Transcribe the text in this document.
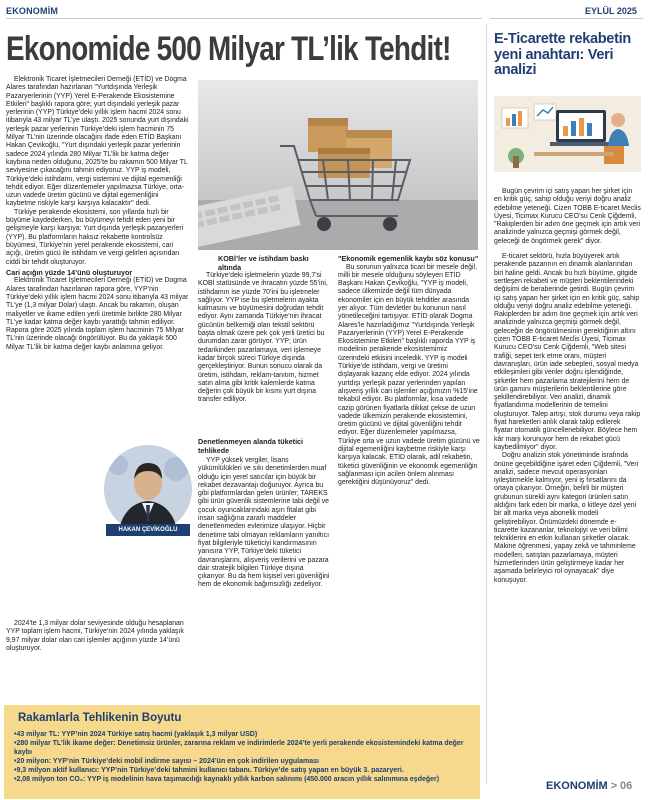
EKONOMİM	EYLÜL 2025
Ekonomide 500 Milyar TL’lik Tehdit!

Elektronik Ticaret İşletmecileri Derneği (ETİD) ve Dogma Alares tarafından hazırlanan "Yurtdışında Yerleşik Pazaryerlerinin (YYP) Yerel E-Perakende Ekosistemine Etkileri" başlıklı rapora göre; yurt dışındaki yerleşik pazar yerlerinin (YYP) Türkiye’deki yıllık işlem hacmi 2024 sonu itibarıyla 43 milyar TL’ye ulaştı. 2025 sonunda yurt dışındaki yerleşik pazar yerlerinin Türkiye’deki işlem hacminin 75 Milyar TL’nin üzerinde olacağını ifade eden ETİD Başkanı Hakan Çevikoğlu, "Yurt dışındaki yerleşik pazar yerlerinin sadece 2024 yılında 280 Milyar TL’lik bir katma değer kaybına neden olduğunu, 2025’te bu rakamın 500 Milyar TL seviyesine çıkacağını tahmin ediyoruz. YYP iş modeli, Türkiye’deki istihdamı, vergi sistemini ve dijital egemenliği tehdit ediyor. Eğer düzenlemeler yapılmazsa Türkiye, orta-uzun vadede üretim gücünü ve dijital egemenliğini kaybetme riskiyle karşı karşıya kalacaktır" dedi.

Türkiye perakende ekosistemi, son yıllarda hızlı bir büyüme kaydederken, bu büyümeyi tehdit eden yeni bir gelişmeyle karşı karşıya: Yurt dışında yerleşik pazaryerleri (YYP). Bu platformların haksız rekabette kontrolsüz büyümesi, Türkiye’nin yerel perakende ekosistemi, cari açığı, üretim gücü ile istihdam ve vergi gelirleri açısından ciddi bir tehdit oluşturuyor.

Cari açığın yüzde 14’ünü oluşturuyor

Elektronik Ticaret İşletmecileri Derneği (ETİD) ve Dogma Alares tarafından hazırlanan rapora göre, YYP’nin Türkiye’deki yıllık işlem hacmi 2024 sonu itibarıyla 43 milyar TL’ye (1,3 milyar Dolar) ulaştı. Ancak bu rakamın, oluşan maliyetler ve ikame edilen yerli üretimle birlikte 280 Milyar TL’ye kadar katma değer kaybı yarattığı tahmin ediliyor. Rapora göre 2025 yılında toplam işlem hacminin 75 Milyar TL’nin üzerinde olacağı öngörülüyor. Bu da yaklaşık 500 Milyar TL’lik bir katma değer kaybı anlamına geliyor.

2024’te 1,3 milyar dolar seviyesinde olduğu hesaplanan YYP toplam işlem hacmi, Türkiye’nin 2024 yılında yaklaşık 9,97 milyar dolar olan cari işlemler açığının yüzde 14’ünü oluşturuyor.

KOBİ’ler ve istihdam baskı altında

Türkiye’deki işletmelerin yüzde 99,7’si KOBİ statüsünde ve ihracatın yüzde 55’ini, istihdamın ise yüzde 70’ini bu işletmeler sağlıyor. YYP ise bu işletmelerin ayakta kalmasını ve büyümesini doğrudan tehdit ediyor. Aynı zamanda Türkiye’nin ihracat gücünün belkemiği olan tekstil sektörü başta olmak üzere pek çok yerli üretici bu durumdan zarar görüyor. YYP; ürün tedarikinden pazarlamaya, veri işlemeye kadar birçok süreci Türkiye dışında gerçekleştiriyor. Bunun sonucu olarak da üretim, istihdam, reklam-tanıtım, hizmet satın alma gibi kritik kalemlerde katma değerin çok büyük bir kısmı yurt dışına transfer ediliyor.

Denetlenmeyen alanda tüketici tehlikede

YYP yüksek vergiler, lisans yükümlülükleri ve sıkı denetimlerden muaf olduğu için yerel satıcılar için büyük bir rekabet dezavantajı doğuruyor. Ayrıca bu gibi platformlardan gelen ürünler; TAREKS gibi ürün güvenlik sistemlerine tabi değil ve çocuk oyuncaklarındaki aşırı fitalat gibi insan sağlığına zararlı maddeler denetlenmeden evlerimize ulaşıyor. Hiçbir denetime tabi olmayan reklamların yanıltıcı fiyat bilgileriyle tüketiciyi kandırmasının yanısıra YYP, Türkiye’deki tüketici davranışlarını, alışveriş verilerini ve pazara dair stratejik bilgileri Türkiye dışına çıkarıyor. Bu da hem kişisel veri güvenliğini hem de ekonomik bağımsızlığı zedeliyor.

HAKAN ÇEVİKOĞLU
"Ekonomik egemenlik kaybı söz konusu"

Bu sorunun yalnızca ticari bir mesele değil, milli bir mesele olduğunu söyleyen ETİD Başkanı Hakan Çevikoğlu, "YYP iş modeli, sadece ülkemizde değil tüm dünyada ekonomiler için en büyük tehditler arasında yer alıyor. Tüm devletler bu konunun nasıl yönetileceğini tartışıyor. ETİD olarak Dogma Alares’le hazırladığımız "Yurtdışında Yerleşik Pazaryerlerinin (YYP) Yerel E-Perakende Ekosistemine Etkileri" başlıklı raporda YYP iş modelinin perakende ekosistemimiz üzerindeki etkisini inceledik. YYP iş modeli Türkiye’de istihdam, vergi ve üretimi dışlayarak kazanç elde ediyor. 2024 yılında yurtdışı yerleşik pazar yerlerinden yapılan alışveriş yıllık cari işlemler açığımızın %15’ine tekabül ediyor. Bu platformlar, kısa vadede cazip görünen fiyatlarla dikkat çekse de uzun vadede ülkemizin perakende ekosistemini, üretim gücünü ve dijital güvenliğini tehdit ediyor. Eğer düzenlemeler yapılmazsa, Türkiye orta ve uzun vadede üretim gücünü ve dijital egemenliğini kaybetme riskiyle karşı karşıya kalacak. ETİD olarak, adil rekabetin, tüketici güvenliğinin ve ekonomik egemenliğin sağlanması için acilen önlem alınması gerektiğini düşünüyoruz" dedi.

E-Ticarette rekabetin yeni anahtarı: Veri analizi

Bugün çevrim içi satış yapan her şirket için en kritik güç, sahip olduğu veriyi doğru analiz edebilme yeteneği. Cizen TOBB E-ticaret Meclis Üyesi, Ticimax Kurucu CEO’su Cenk Çiğdemli, "Rakiplerden bir adım öne geçmek için artık veri analizinde yalnızca geçmişi görmek değil, geleceği de öngörmek gerek" diyor.

E-ticaret sektörü, hızla büyüyerek artık perakende pazarının en dinamik alanlarından biri haline geldi. Ancak bu hızlı büyüme, gitgide sertleşen rekabeti ve müşteri beklentilerindeki değişimi de beraberinde getirdi. Bugün çevrim içi satış yapan her şirket için en kritik güç, sahip olduğu veriyi doğru analiz edebilme yeteneği. Rakiplerden bir adım öne geçmek için artık veri analizinde yalnızca geçmişi görmek değil, geleceğin de öngörülmesinin gerektiğinin altını çizen TOBB E-ticaret Meclis Üyesi, Ticimax Kurucu CEO’su Cenk Çiğdemli, "Web sitesi trafiği, sepet terk etme oranı, müşteri davranışları, ürün iade sebepleri, sosyal medya etkileşimleri gibi veriler doğru işlendiğinde, şirketler hem pazarlama stratejilerini hem de ürün gamını müşterilerin beklentilerine göre şekillendirebiliyor. Veri analizi, dinamik fiyatlandırma modellerinin de temelini oluşturuyor. Talep artışı, stok durumu veya rakip fiyat hareketleri anlık olarak takip edilerek fiyatar otomatik güncellenebiliyor. Böylece hem kâr marjı korunuyor hem de rekabet gücü kaybedilmiyor" diyor.

Doğru analizin stok yönetiminde israfında önüne geçebildiğine işaret eden Çiğdemli, "Veri analizi, sadece mevcut operasyonları iyileştirmekle kalmıyor, yeni iş fırsatlarını da ortaya çıkarıyor. Örneğin, belirli bir müşteri grubunun sürekli aynı kategori ürünleri satın aldığını fark eden bir marka, o kitleye özel yeni bir alt marka veya abonelik modeli geliştirebiliyor. Önümüzdeki dönemde e-ticarette kazananlar, teknolojiyi ve veri bilimi tekniklerini en etkin kullanan şirketler olacak. Makine öğrenmesi, yapay zekâ ve tahminleme modelleri, satıştan pazarlamaya, müşteri hizmetlerinden ürün geliştirmeye kadar her aşamada belirleyici rol oynayacak" diye konuşuyor.

Rakamlarla Tehlikenin Boyutu
•43 milyar TL: YYP’nin 2024 Türkiye satış hacmi (yaklaşık 1,3 milyar USD)
•280 milyar TL’lik ikame değer: Denetimsiz ürünler, zararına reklam ve indirimlerle 2024’te yerli perakende ekosistemindeki katma değer kaybı
•20 milyon: YYP’nin Türkiye’deki mobil indirme sayısı – 2024’ün en çok indirilen uygulaması
•9,3 milyon aktif kullanıcı: YYP’nin Türkiye’deki tahmini kullanıcı tabanı. Türkiye’de satış yapan en büyük 3. pazaryeri.
•2,08 milyon ton CO₂: YYP iş modelinin hava taşımacılığı kaynaklı yıllık karbon salınımı (450.000 aracın yıllık salınımına eşdeğer)
EKONOMİM > 06
